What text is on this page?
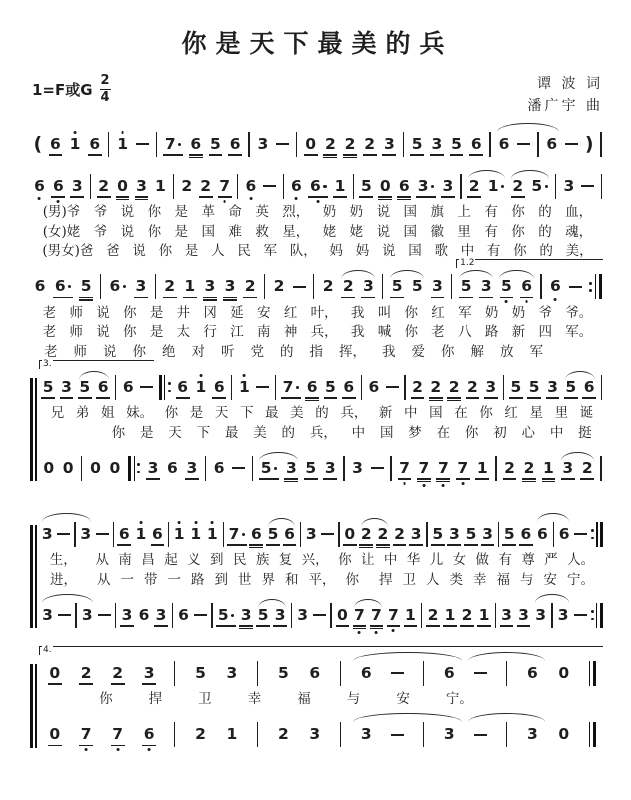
你是天下最美的兵
1=F或G $\frac{2}{4}$	谭 波 词
潘广宇 曲
( 6 1 6 1 7 6 5 6 3 0 2 2 2 3 5 3 5 6 6 6 )
6 6 3 2 0 3 1 2 2 7 6 6 6 1 5 0 6 3 3 2 1 2 5	3
(男)爷 爷 说 你 是 革 命 英 烈， 奶 奶 说 国 旗 上 有 你 的 血，
(女)姥 爷 说 你 是 国 难 救 星， 姥 姥 说 国 徽 里 有 你 的 魂，
(男女)爸 爸 说 你 是 人 民 军 队， 妈 妈 说 国 歌 中 有 你 的 美，
6 6 5 6 3 2 1 3 3 2 2 2 2 3 5 5 3
1.2
5 3 5 6 6
老 师 说 你 是 井 冈 延 安 红 叶， 我 叫 你 红 军 奶 奶 爷 爷。
老 师 说 你 是 太 行 江 南 神 兵， 我 喊 你 老 八 路 新 四 军。
老	师	说	你	绝	对	听	党	的	指	挥，	我	爱	你	解	放	军
3.
5 3 5 6 6	6 1 6 1 7 6 5 6 6 2 2 2 2 3 5 5 3 5 6
兄 弟 姐 妹。 你 是 天 下 最 美 的 兵， 新 中 国 在 你 红 星 里 诞
你	是	天	下	最	美	的	兵，	中	国	梦	在	你	初	心	中	挺
0 0 0 0 3 6 3 6 5 3 5 3 3 7 7 7 7 1 2 2 1 3 2
3 3 6 1 6 1 1 1 7 6 5 6 3 0 2 2 2 3 5 3 5 3 5 6 6 6
生，	从 南 昌 起 义 到 民 族 复 兴， 你 让 中 华 儿 女 做 有 尊 严 人。
进，	从 一 带 一 路 到 世 界 和 平， 你	捍 卫 人 类 幸 福 与 安 宁。
3 3 3 6 3 6 5 3 5 3 3 0 7 7 7 1 2 1 2 1 3 3 3 3
4.
0 2 2 3	5 3	5 6	6	6	6 0
你	捍	卫	幸	福	与	安	宁。
0 7 7 6	2 1	2 3	3	3	3 0
